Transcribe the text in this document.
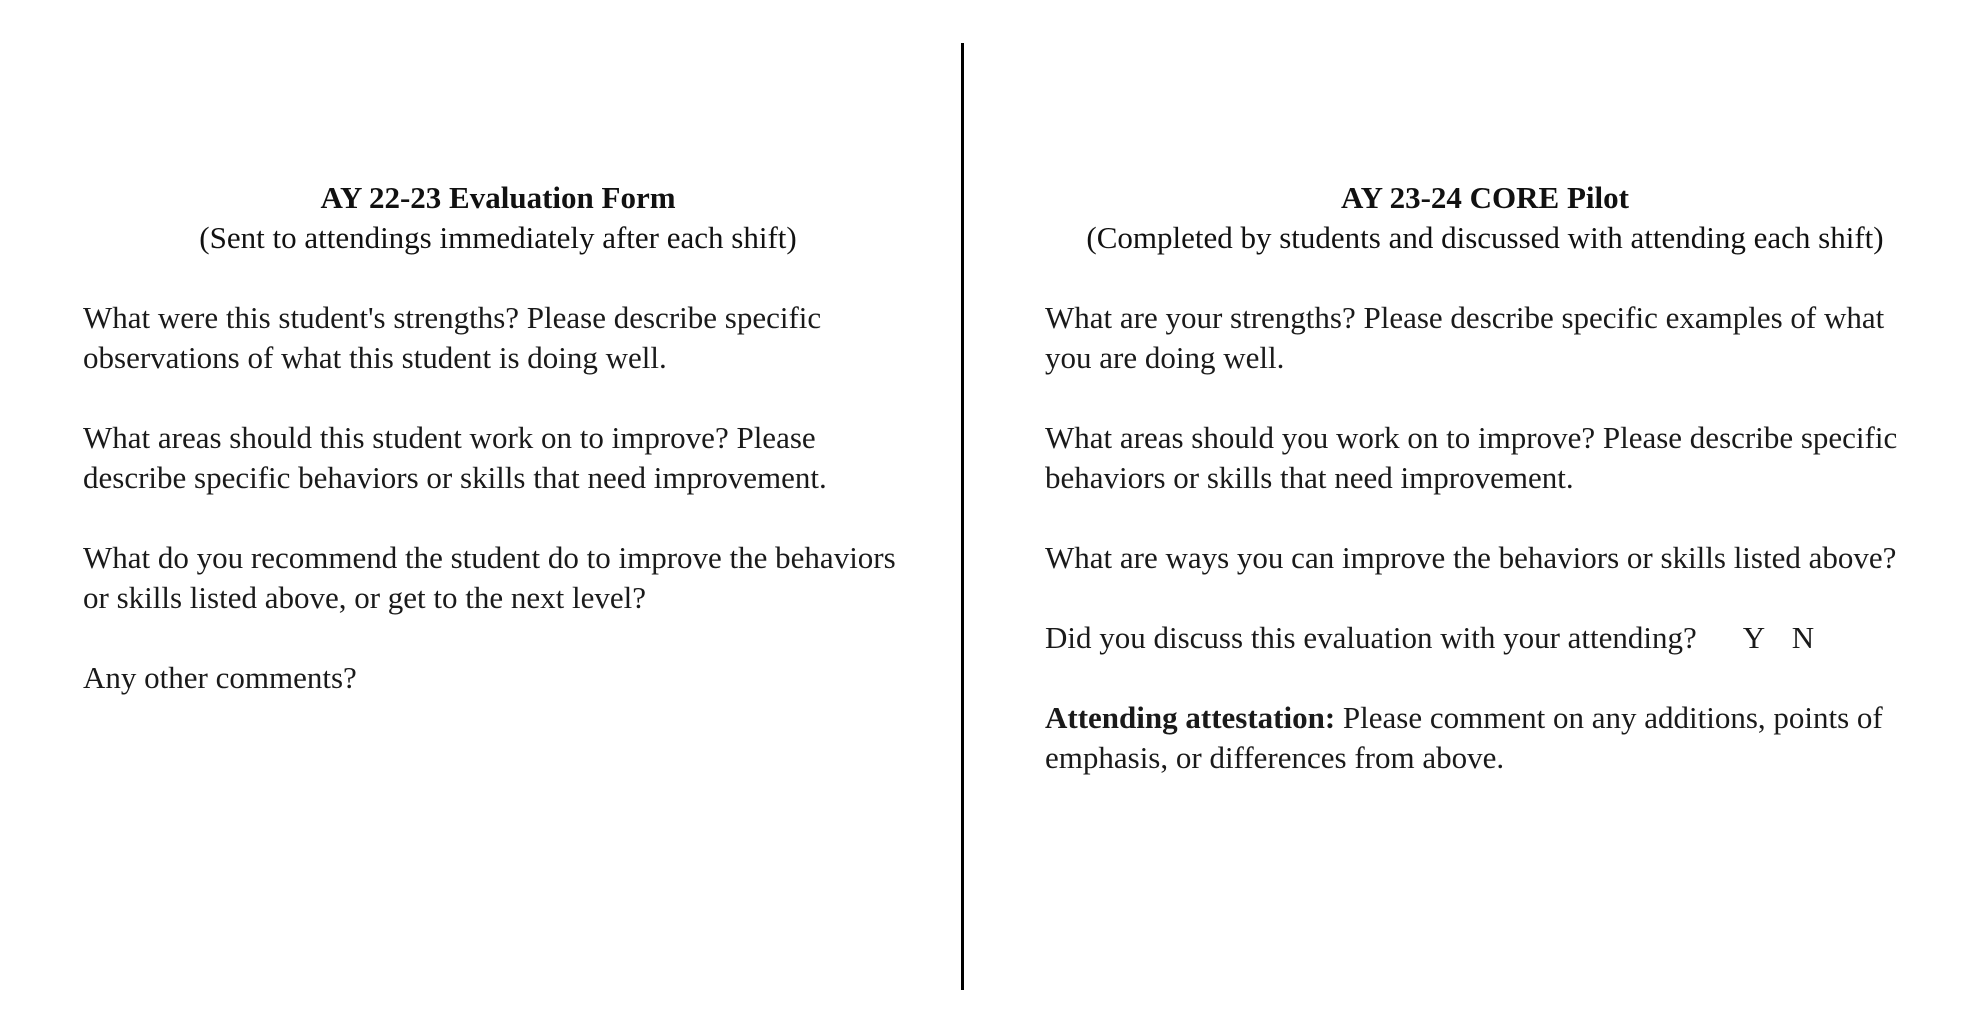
AY 22-23 Evaluation Form
(Sent to attendings immediately after each shift)

What were this student's strengths? Please describe specific observations of what this student is doing well.

What areas should this student work on to improve? Please describe specific behaviors or skills that need improvement.

What do you recommend the student do to improve the behaviors or skills listed above, or get to the next level?

Any other comments?

AY 23-24 CORE Pilot
(Completed by students and discussed with attending each shift)

What are your strengths? Please describe specific examples of what you are doing well.

What areas should you work on to improve? Please describe specific behaviors or skills that need improvement.

What are ways you can improve the behaviors or skills listed above?

Did you discuss this evaluation with your attending? Y N

Attending attestation: Please comment on any additions, points of emphasis, or differences from above.
